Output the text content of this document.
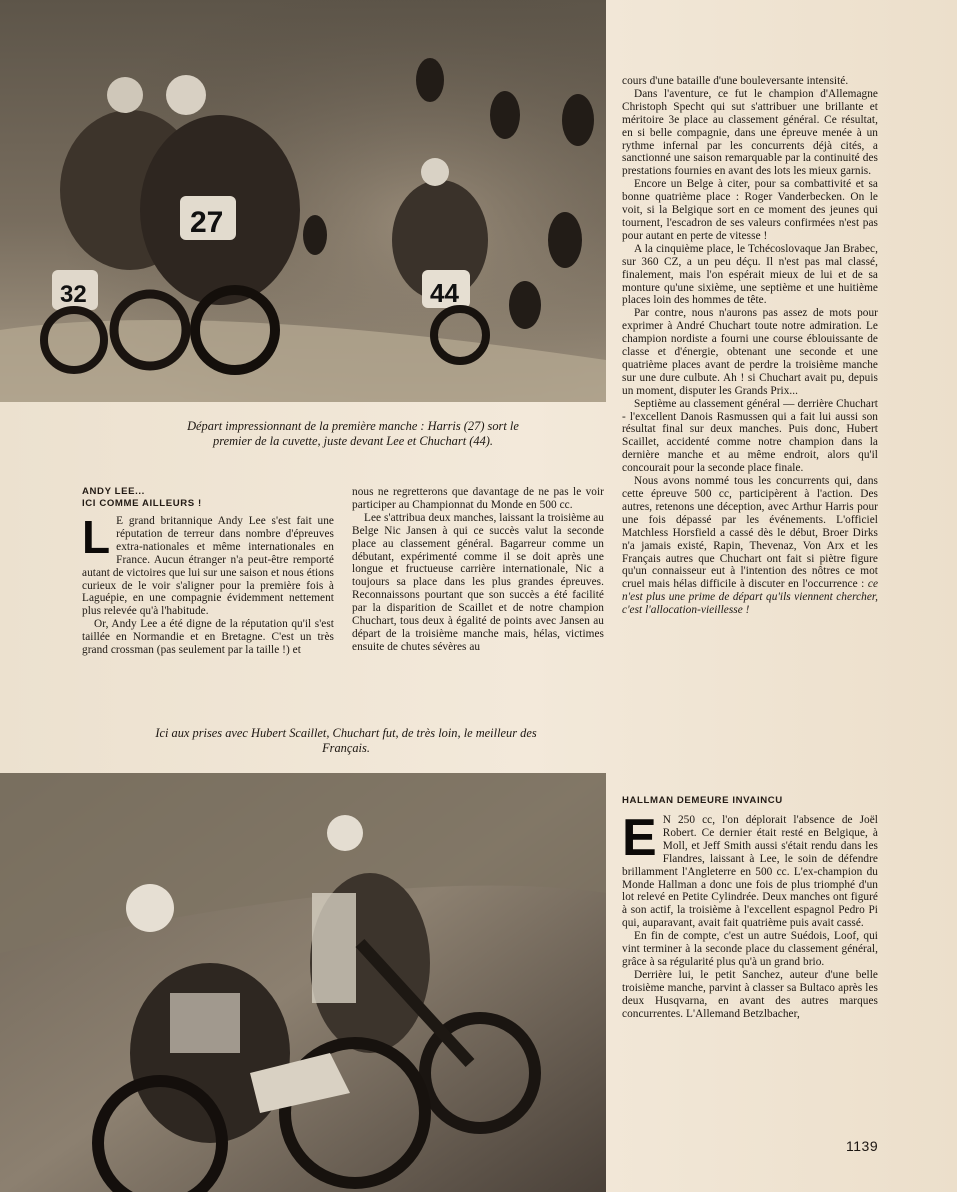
27
32	44
Départ impressionnant de la première manche : Harris (27) sort le premier de la cuvette, juste devant Lee et Chuchart (44).
Ici aux prises avec Hubert Scaillet, Chuchart fut, de très loin, le meilleur des Français.
ANDY LEE...
ICI COMME AILLEURS !

L E grand britannique Andy Lee s'est fait une réputation de terreur dans nombre d'épreuves extra-nationales et même internationales en France. Aucun étranger n'a peut-être remporté autant de victoires que lui sur une saison et nous étions curieux de le voir s'aligner pour la première fois à Laguépie, en une compagnie évidemment nettement plus relevée qu'à l'habitude.

Or, Andy Lee a été digne de la réputation qu'il s'est taillée en Normandie et en Bretagne. C'est un très grand crossman (pas seulement par la taille !) et

nous ne regretterons que davantage de ne pas le voir participer au Championnat du Monde en 500 cc.

Lee s'attribua deux manches, laissant la troisième au Belge Nic Jansen à qui ce succès valut la seconde place au classement général. Bagarreur comme un débutant, expérimenté comme il se doit après une longue et fructueuse carrière internationale, Nic a toujours sa place dans les plus grandes épreuves. Reconnaissons pourtant que son succès a été facilité par la disparition de Scaillet et de notre champion Chuchart, tous deux à égalité de points avec Jansen au départ de la troisième manche mais, hélas, victimes ensuite de chutes sévères au

cours d'une bataille d'une bouleversante intensité.

Dans l'aventure, ce fut le champion d'Allemagne Christoph Specht qui sut s'attribuer une brillante et méritoire 3e place au classement général. Ce résultat, en si belle compagnie, dans une épreuve menée à un rythme infernal par les concurrents déjà cités, a sanctionné une saison remarquable par la continuité des prestations fournies en avant des lots les mieux garnis.

Encore un Belge à citer, pour sa combattivité et sa bonne quatrième place : Roger Vanderbecken. On le voit, si la Belgique sort en ce moment des jeunes qui tournent, l'escadron de ses valeurs confirmées n'est pas pour autant en perte de vitesse !

A la cinquième place, le Tchécoslovaque Jan Brabec, sur 360 CZ, a un peu déçu. Il n'est pas mal classé, finalement, mais l'on espérait mieux de lui et de sa monture qu'une sixième, une septième et une huitième places loin des hommes de tête.

Par contre, nous n'aurons pas assez de mots pour exprimer à André Chuchart toute notre admiration. Le champion nordiste a fourni une course éblouissante de classe et d'énergie, obtenant une seconde et une quatrième places avant de perdre la troisième manche sur une dure culbute. Ah ! si Chuchart avait pu, depuis un moment, disputer les Grands Prix...

Septième au classement général — derrière Chuchart - l'excellent Danois Rasmussen qui a fait lui aussi son résultat final sur deux manches. Puis donc, Hubert Scaillet, accidenté comme notre champion dans la dernière manche et au même endroit, alors qu'il concourait pour la seconde place finale.

Nous avons nommé tous les concurrents qui, dans cette épreuve 500 cc, participèrent à l'action. Des autres, retenons une déception, avec Arthur Harris pour une fois dépassé par les événements. L'officiel Matchless Horsfield a cassé dès le début, Broer Dirks n'a jamais existé, Rapin, Thevenaz, Von Arx et les Français autres que Chuchart ont fait si piètre figure qu'un connaisseur eut à l'intention des nôtres ce mot cruel mais hélas difficile à discuter en l'occurrence : ce n'est plus une prime de départ qu'ils viennent chercher, c'est l'allocation-vieillesse !

HALLMAN DEMEURE INVAINCU

E N 250 cc, l'on déplorait l'absence de Joël Robert. Ce dernier était resté en Belgique, à Moll, et Jeff Smith aussi s'était rendu dans les Flandres, laissant à Lee, le soin de défendre brillamment l'Angleterre en 500 cc. L'ex-champion du Monde Hallman a donc une fois de plus triomphé d'un lot relevé en Petite Cylindrée. Deux manches ont figuré à son actif, la troisième à l'excellent espagnol Pedro Pi qui, auparavant, avait fait quatrième puis avait cassé.

En fin de compte, c'est un autre Suédois, Loof, qui vint terminer à la seconde place du classement général, grâce à sa régularité plus qu'à un grand brio.

Derrière lui, le petit Sanchez, auteur d'une belle troisième manche, parvint à classer sa Bultaco après les deux Husqvarna, en avant des autres marques concurrentes. L'Allemand Betzlbacher,

1139
